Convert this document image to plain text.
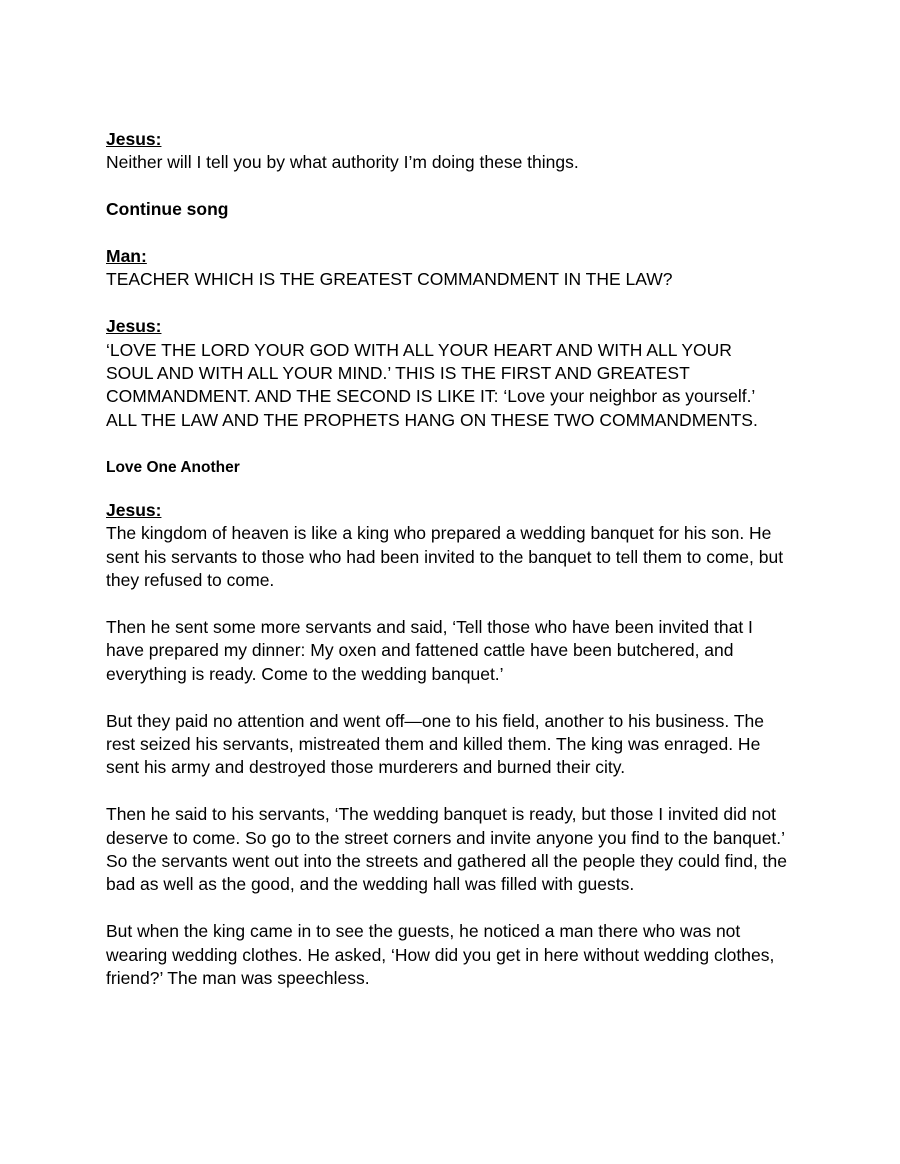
Jesus:
Neither will I tell you by what authority I’m doing these things.
Continue song
Man:
TEACHER WHICH IS THE GREATEST COMMANDMENT IN THE LAW?
Jesus:
‘LOVE THE LORD YOUR GOD WITH ALL YOUR HEART AND WITH ALL YOUR
SOUL AND WITH ALL YOUR MIND.’ THIS IS THE FIRST AND GREATEST
COMMANDMENT. AND THE SECOND IS LIKE IT: ‘Love your neighbor as yourself.’
ALL THE LAW AND THE PROPHETS HANG ON THESE TWO COMMANDMENTS.
Love One Another
Jesus:
The kingdom of heaven is like a king who prepared a wedding banquet for his son. He
sent his servants to those who had been invited to the banquet to tell them to come, but
they refused to come.
Then he sent some more servants and said, ‘Tell those who have been invited that I
have prepared my dinner: My oxen and fattened cattle have been butchered, and
everything is ready. Come to the wedding banquet.’
But they paid no attention and went off—one to his field, another to his business. The
rest seized his servants, mistreated them and killed them. The king was enraged. He
sent his army and destroyed those murderers and burned their city.
Then he said to his servants, ‘The wedding banquet is ready, but those I invited did not
deserve to come. So go to the street corners and invite anyone you find to the banquet.’
So the servants went out into the streets and gathered all the people they could find, the
bad as well as the good, and the wedding hall was filled with guests.
But when the king came in to see the guests, he noticed a man there who was not
wearing wedding clothes. He asked, ‘How did you get in here without wedding clothes,
friend?’ The man was speechless.
